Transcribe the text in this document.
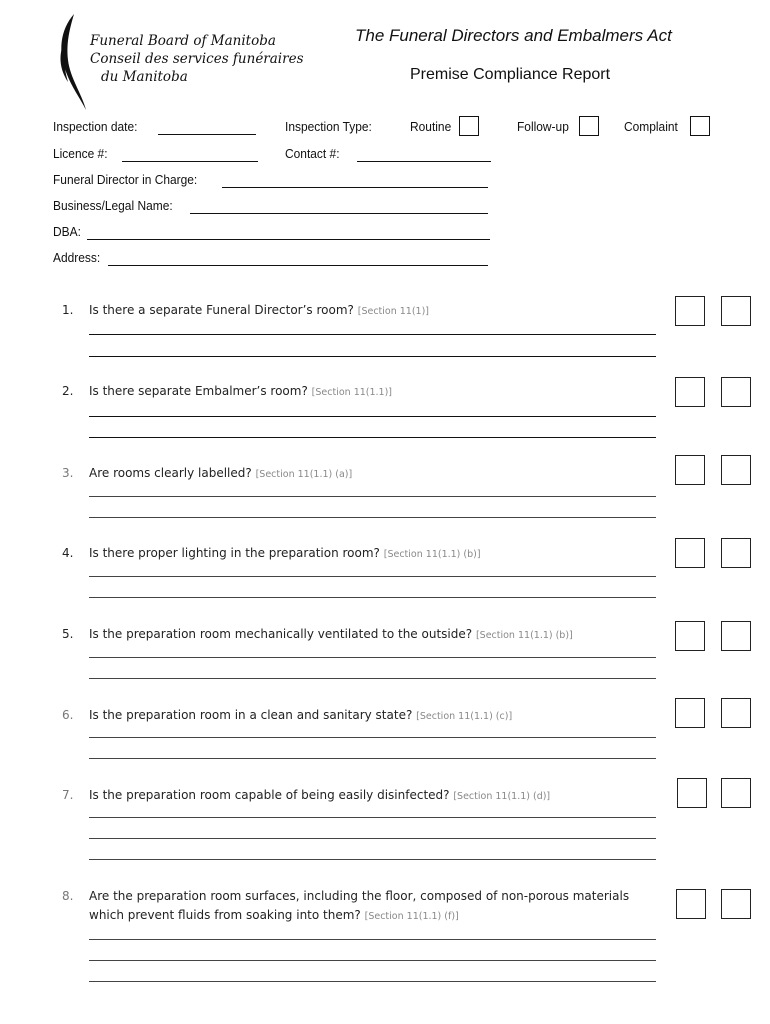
Funeral Board of Manitoba
Conseil des services funéraires
du Manitoba
The Funeral Directors and Embalmers Act
Premise Compliance Report
Inspection date:	Inspection Type:	Routine	Follow-up	Complaint
Licence #:	Contact #:
Funeral Director in Charge:
Business/Legal Name:
DBA:
Address:
1. Is there a separate Funeral Director’s room? [Section 11(1)]
2. Is there separate Embalmer’s room? [Section 11(1.1)]
3. Are rooms clearly labelled? [Section 11(1.1) (a)]
4. Is there proper lighting in the preparation room? [Section 11(1.1) (b)]
5. Is the preparation room mechanically ventilated to the outside? [Section 11(1.1) (b)]
6. Is the preparation room in a clean and sanitary state? [Section 11(1.1) (c)]
7. Is the preparation room capable of being easily disinfected? [Section 11(1.1) (d)]
8. Are the preparation room surfaces, including the floor, composed of non-porous materials
which prevent fluids from soaking into them? [Section 11(1.1) (f)]
